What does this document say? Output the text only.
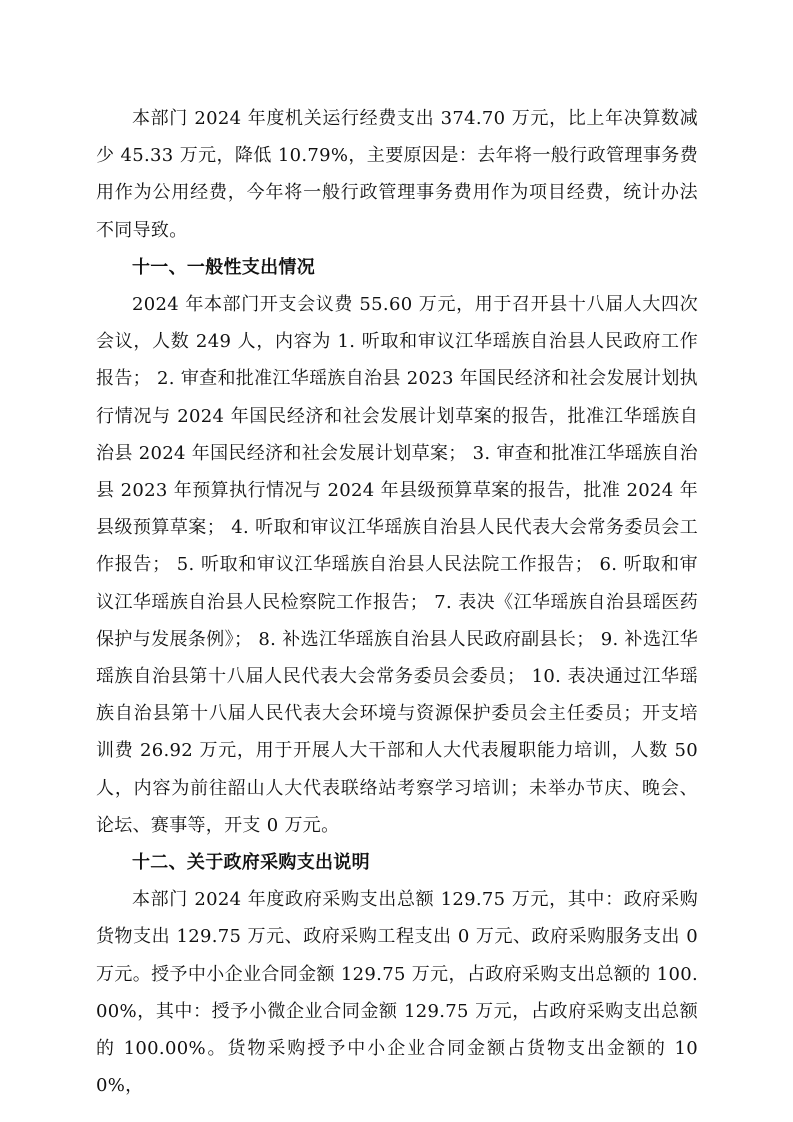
本部门 2024 年度机关运行经费支出 374.70 万元，比上年决算数减少 45.33 万元，降低 10.79%，主要原因是：去年将一般行政管理事务费用作为公用经费，今年将一般行政管理事务费用作为项目经费，统计办法不同导致。

十一、一般性支出情况

2024 年本部门开支会议费 55.60 万元，用于召开县十八届人大四次会议，人数 249 人，内容为 1. 听取和审议江华瑶族自治县人民政府工作报告； 2. 审查和批准江华瑶族自治县 2023 年国民经济和社会发展计划执行情况与 2024 年国民经济和社会发展计划草案的报告，批准江华瑶族自治县 2024 年国民经济和社会发展计划草案； 3. 审查和批准江华瑶族自治县 2023 年预算执行情况与 2024 年县级预算草案的报告，批准 2024 年县级预算草案； 4. 听取和审议江华瑶族自治县人民代表大会常务委员会工作报告； 5. 听取和审议江华瑶族自治县人民法院工作报告； 6. 听取和审议江华瑶族自治县人民检察院工作报告； 7. 表决《江华瑶族自治县瑶医药保护与发展条例》； 8. 补选江华瑶族自治县人民政府副县长； 9. 补选江华瑶族自治县第十八届人民代表大会常务委员会委员； 10. 表决通过江华瑶族自治县第十八届人民代表大会环境与资源保护委员会主任委员；开支培训费 26.92 万元，用于开展人大干部和人大代表履职能力培训，人数 50 人，内容为前往韶山人大代表联络站考察学习培训；未举办节庆、晚会、论坛、赛事等，开支 0 万元。

十二、关于政府采购支出说明

本部门 2024 年度政府采购支出总额 129.75 万元，其中：政府采购货物支出 129.75 万元、政府采购工程支出 0 万元、政府采购服务支出 0 万元。授予中小企业合同金额 129.75 万元，占政府采购支出总额的 100.00%，其中：授予小微企业合同金额 129.75 万元，占政府采购支出总额的 100.00%。货物采购授予中小企业合同金额占货物支出金额的 100%，
